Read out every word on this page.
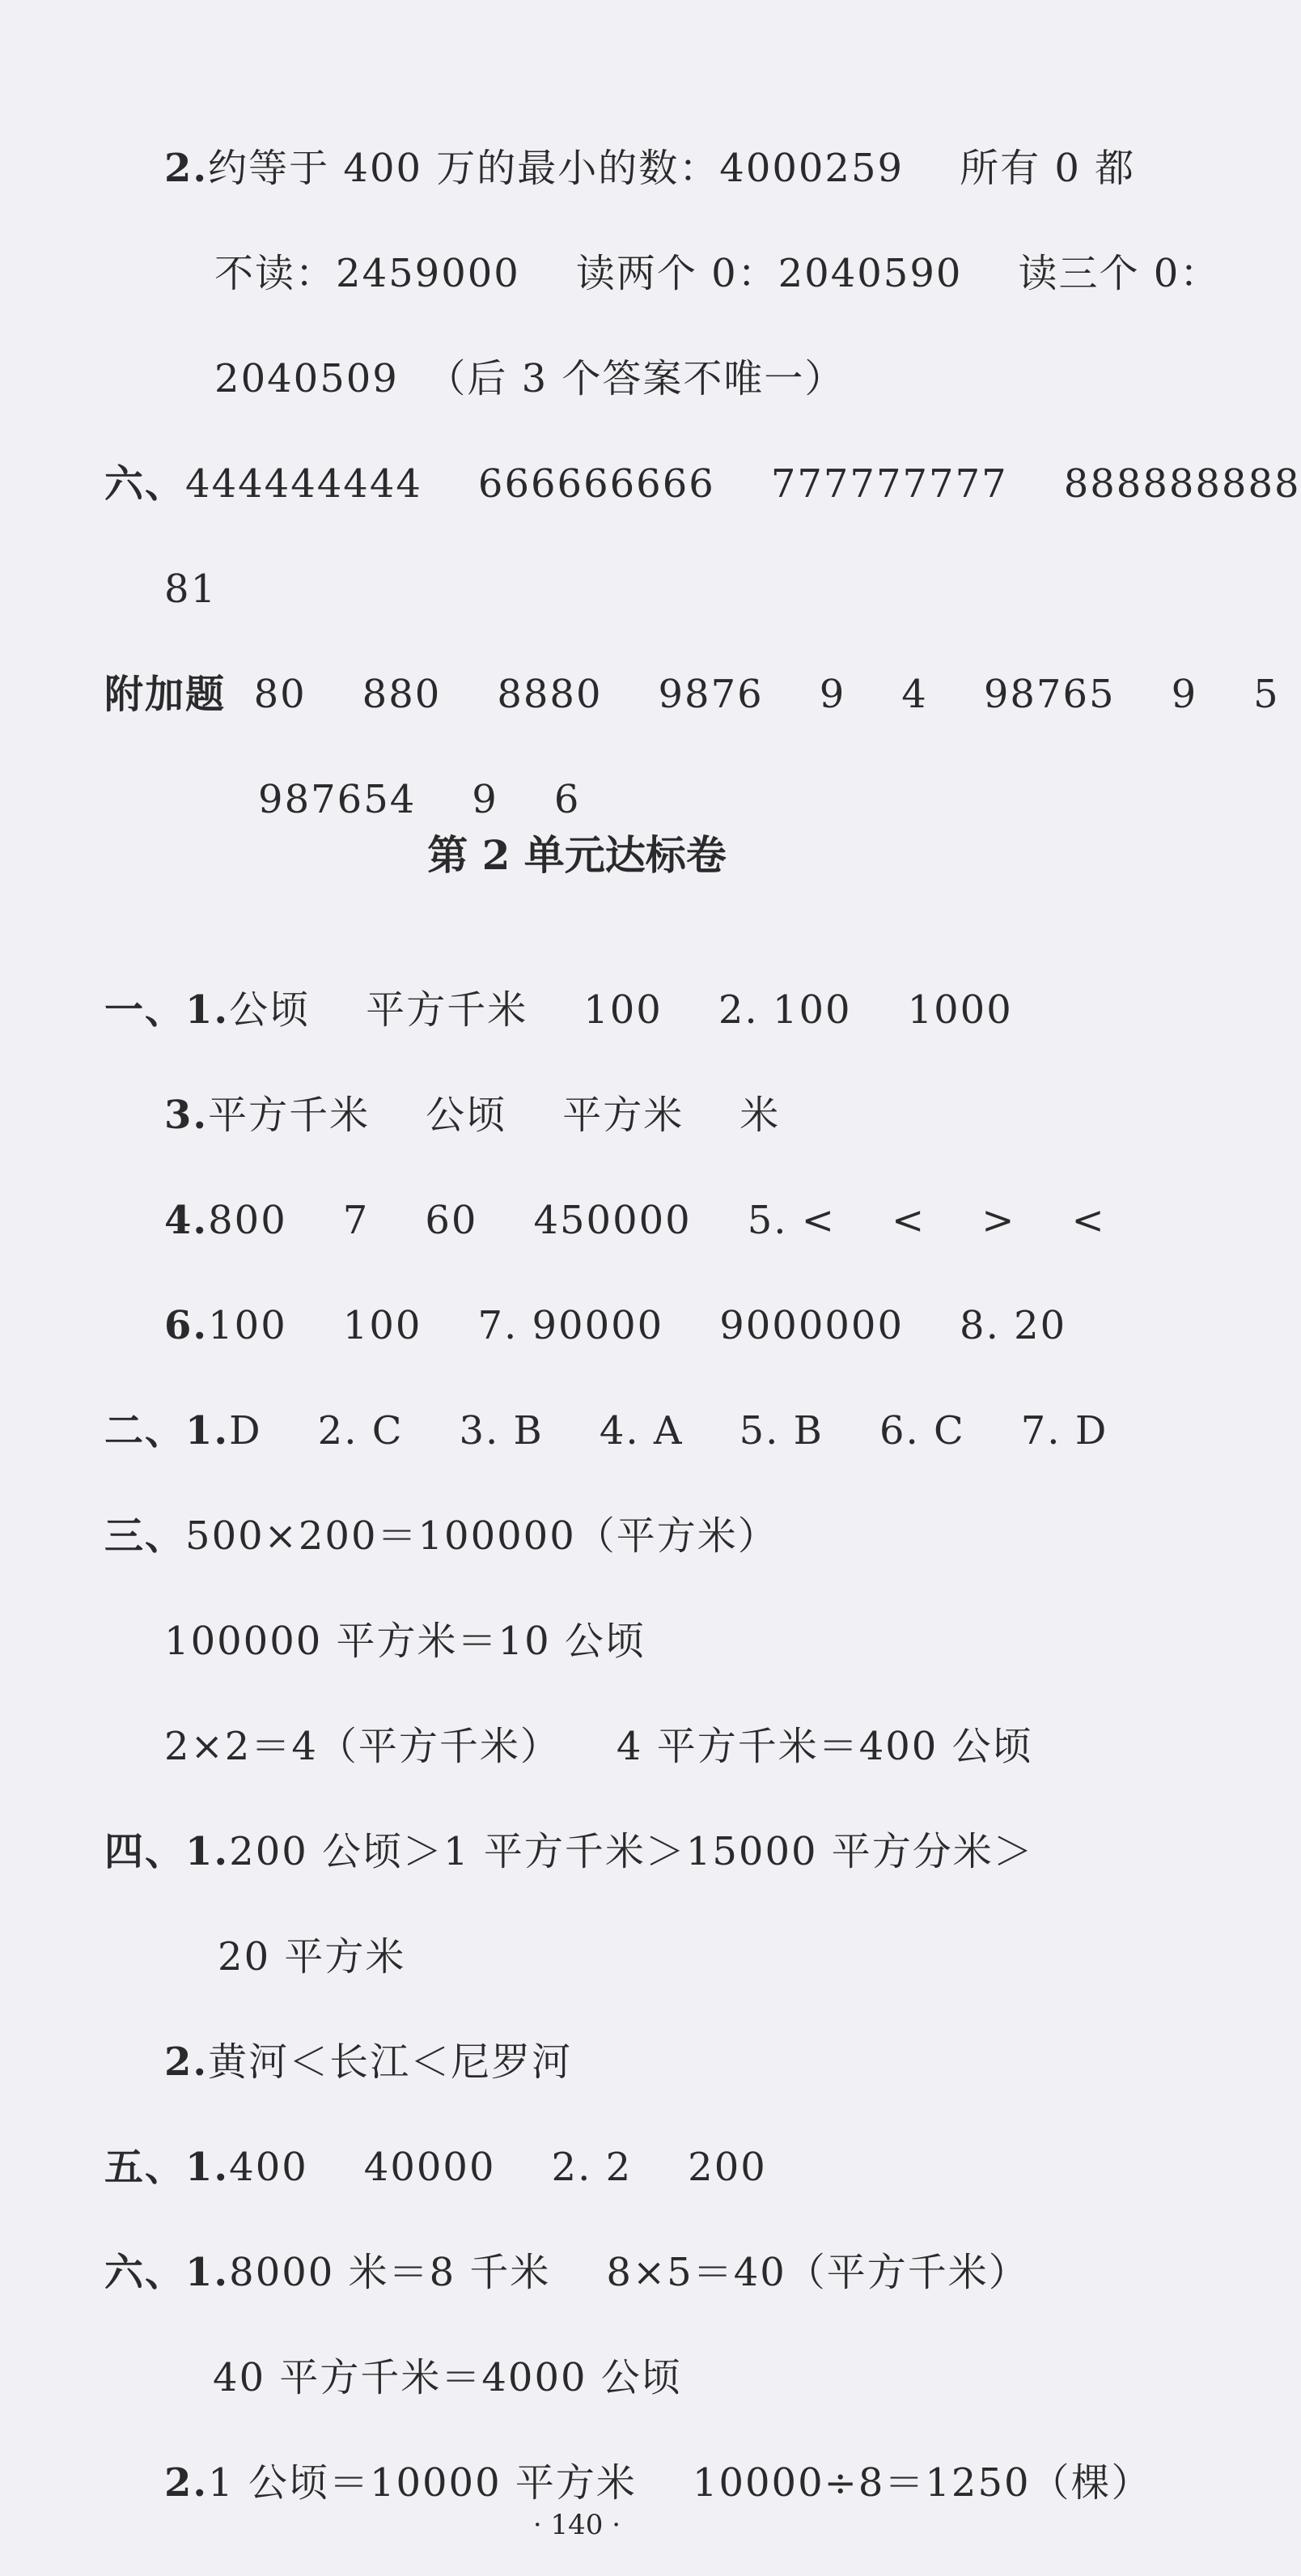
2.约等于 400 万的最小的数：4000259    所有 0 都

不读：2459000    读两个 0：2040590    读三个 0：

2040509  （后 3 个答案不唯一）

六、444444444    666666666    777777777    888888888

81

附加题 80    880    8880    9876    9    4    98765    9    5

987654    9    6

第 2 单元达标卷

一、1.公顷    平方千米    100    2. 100    1000

3.平方千米    公顷    平方米    米

4.800    7    60    450000    5. <    <    >    <

6.100    100    7. 90000    9000000    8. 20

二、1.D    2. C    3. B    4. A    5. B    6. C    7. D

三、500×200＝100000（平方米）

100000 平方米＝10 公顷

2×2＝4（平方千米）    4 平方千米＝400 公顷

四、1.200 公顷＞1 平方千米＞15000 平方分米＞

20 平方米

2.黄河＜长江＜尼罗河

五、1.400    40000    2. 2    200

六、1.8000 米＝8 千米    8×5＝40（平方千米）

40 平方千米＝4000 公顷

2.1 公顷＝10000 平方米    10000÷8＝1250（棵）

· 140 ·
